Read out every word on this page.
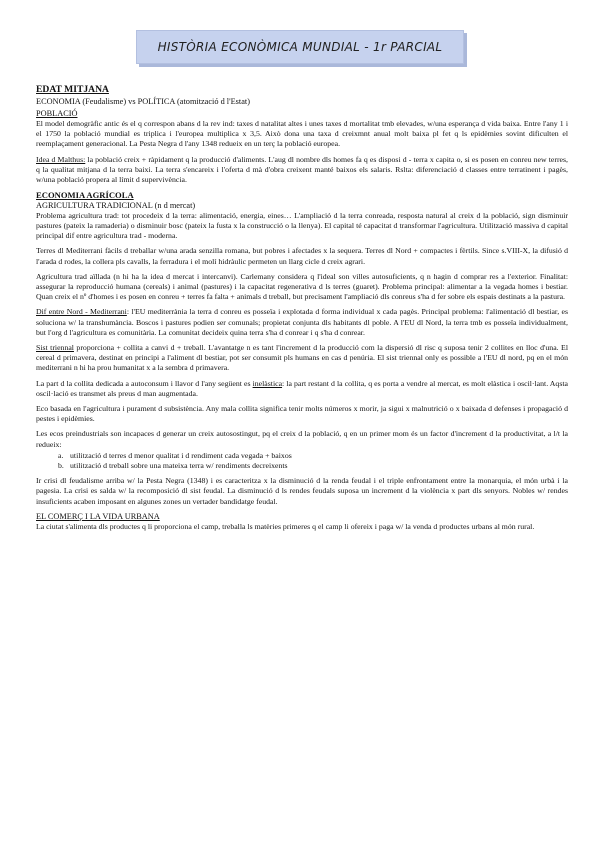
HISTÒRIA ECONÒMICA MUNDIAL - 1r PARCIAL
EDAT MITJANA
ECONOMIA (Feudalisme) vs POLÍTICA (atomització d l'Estat)
POBLACIÓ

El model demogràfic antic és el q correspon abans d la rev ind: taxes d natalitat altes i unes taxes d mortalitat tmb elevades, w/una esperança d vida baixa. Entre l'any 1 i el 1750 la població mundial es triplica i l'europea multiplica x 3,5. Això dona una taxa d creixmnt anual molt baixa pl fet q ls epidèmies sovint dificulten el reemplaçament generacional. La Pesta Negra d l'any 1348 redueix en un terç la població europea.

Idea d Malthus: la població creix + ràpidament q la producció d'aliments. L'aug dl nombre dls homes fa q es disposi d - terra x capita o, si es posen en conreu new terres, q la qualitat mitjana d la terra baixi. La terra s'encareix i l'oferta d mà d'obra creixent manté baixos els salaris. Rslta: diferenciació d classes entre terratinent i pagès, w/una població propera al límit d supervivència.

ECONOMIA AGRÍCOLA
AGRICULTURA TRADICIONAL (n d mercat)

Problema agricultura trad: tot procedeix d la terra: alimentació, energia, eines… L'ampliació d la terra conreada, resposta natural al creix d la població, sign disminuir pastures (pateix la ramaderia) o disminuir bosc (pateix la fusta x la construcció o la llenya). El capital té capacitat d transformar l'agricultura. Utilització massiva d capital principal dif entre agricultura trad - moderna.

Terres dl Mediterrani fàcils d treballar w/una arada senzilla romana, but pobres i afectades x la sequera. Terres dl Nord + compactes i fèrtils. Since s.VIII-X, la difusió d l'arada d rodes, la collera pls cavalls, la ferradura i el molí hidràulic permeten un llarg cicle d creix agrari.

Agricultura trad aïllada (n hi ha la idea d mercat i intercanvi). Carlemany considera q l'ideal son villes autosuficients, q n hagin d comprar res a l'exterior. Finalitat: assegurar la reproducció humana (cereals) i animal (pastures) i la capacitat regenerativa d ls terres (guaret). Problema principal: alimentar a la vegada homes i bestiar. Quan creix el nº d'homes i es posen en conreu + terres fa falta + animals d treball, but precisament l'ampliació dls conreus s'ha d fer sobre els espais destinats a la pastura.

Dif entre Nord - Mediterrani: l'EU mediterrània la terra d conreu es posseïa i explotada d forma individual x cada pagès. Principal problema: l'alimentació dl bestiar, es soluciona w/ la transhumància. Boscos i pastures podien ser comunals; propietat conjunta dls habitants dl poble. A l'EU dl Nord, la terra tmb es posseïa individualment, but l'org d l'agricultura es comunitària. La comunitat decideix quina terra s'ha d conrear i q s'ha d conrear.

Sist triennal proporciona + collita a canvi d + treball. L'avantatge n es tant l'increment d la producció com la dispersió dl risc q suposa tenir 2 collites en lloc d'una. El cereal d primavera, destinat en principi a l'aliment dl bestiar, pot ser consumit pls humans en cas d penúria. El sist triennal only es possible a l'EU dl nord, pq en el món mediterrani n hi ha prou humanitat x a la sembra d primavera.

La part d la collita dedicada a autoconsum i llavor d l'any següent es inelàstica: la part restant d la collita, q es porta a vendre al mercat, es molt elàstica i oscil·lant. Aqsta oscil·lació es transmet als preus d man augmentada.

Eco basada en l'agricultura i purament d subsistència. Any mala collita significa tenir molts números x morir, ja sigui x malnutrició o x baixada d defenses i propagació d pestes i epidèmies.

Les ecos preindustrials son incapaces d generar un creix autosostingut, pq el creix d la població, q en un primer mom és un factor d'increment d la productivitat, a l/t la redueix:

a. utilització d terres d menor qualitat i d rendiment cada vegada + baixos
b. utilització d treball sobre una mateixa terra w/ rendiments decreixents

Ir crisi dl feudalisme arriba w/ la Pesta Negra (1348) i es caracteritza x la disminució d la renda feudal i el triple enfrontament entre la monarquia, el món urbà i la pagesia. La crisi es salda w/ la recomposició dl sist feudal. La disminució d ls rendes feudals suposa un increment d la violència x part dls senyors. Nobles w/ rendes insuficients acaben imposant en algunes zones un vertader bandidatge feudal.

EL COMERÇ I LA VIDA URBANA

La ciutat s'alimenta dls productes q li proporciona el camp, treballa ls matèries primeres q el camp li ofereix i paga w/ la venda d productes urbans al món rural.
